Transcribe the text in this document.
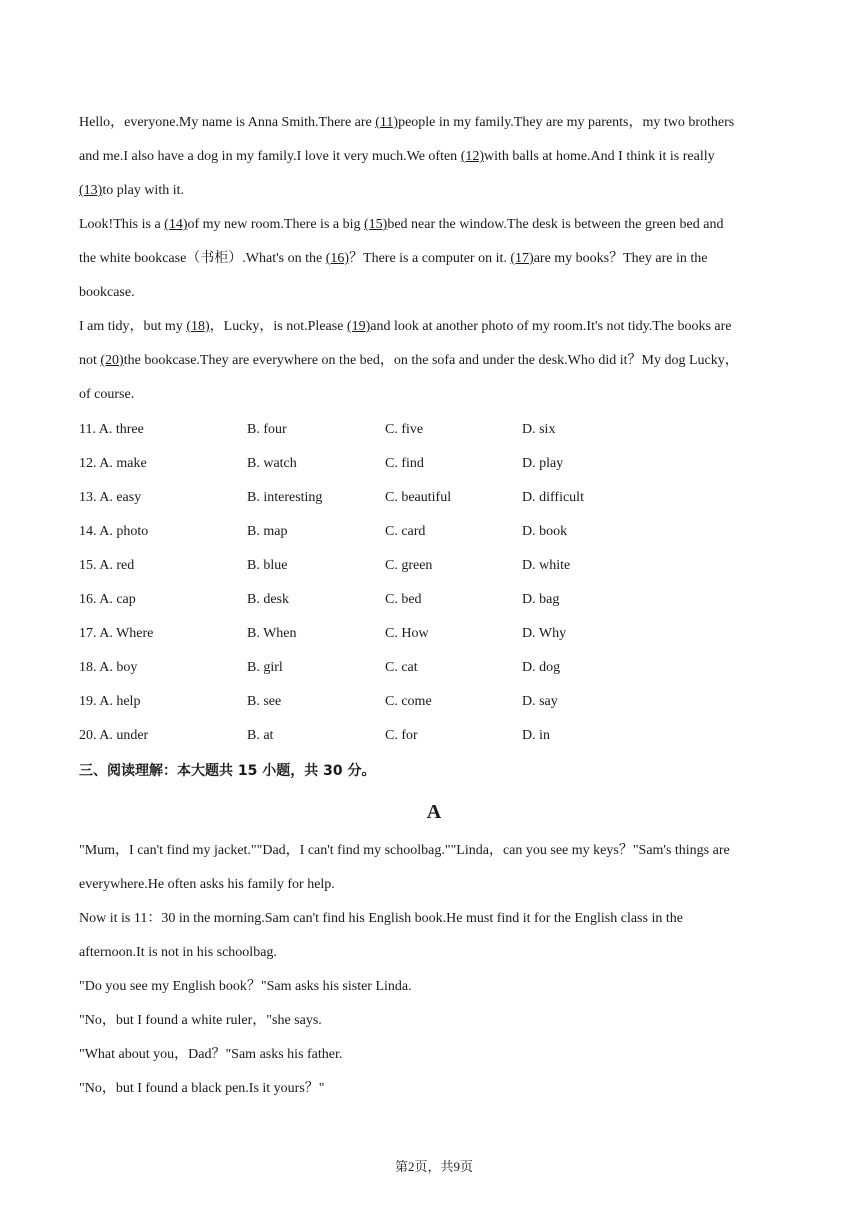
Hello，everyone.My name is Anna Smith.There are (11)people in my family.They are my parents，my two brothers
and me.I also have a dog in my family.I love it very much.We often (12)with balls at home.And I think it is really
(13)to play with it.
Look!This is a (14)of my new room.There is a big (15)bed near the window.The desk is between the green bed and
the white bookcase（书柜）.What's on the (16)？There is a computer on it. (17)are my books？They are in the
bookcase.
I am tidy，but my (18)，Lucky，is not.Please (19)and look at another photo of my room.It's not tidy.The books are
not (20)the bookcase.They are everywhere on the bed，on the sofa and under the desk.Who did it？My dog Lucky，
of course.
11. A. three	B. four	C. five	D. six
12. A. make	B. watch	C. find	D. play
13. A. easy	B. interesting	C. beautiful	D. difficult
14. A. photo	B. map	C. card	D. book
15. A. red	B. blue	C. green	D. white
16. A. cap	B. desk	C. bed	D. bag
17. A. Where	B. When	C. How	D. Why
18. A. boy	B. girl	C. cat	D. dog
19. A. help	B. see	C. come	D. say
20. A. under	B. at	C. for	D. in
三、阅读理解：本大题共 15 小题，共 30 分。
A
"Mum，I can't find my jacket.""Dad，I can't find my schoolbag.""Linda，can you see my keys？"Sam's things are
everywhere.He often asks his family for help.
Now it is 11：30 in the morning.Sam can't find his English book.He must find it for the English class in the
afternoon.It is not in his schoolbag.
"Do you see my English book？"Sam asks his sister Linda.
"No，but I found a white ruler，"she says.
"What about you，Dad？"Sam asks his father.
"No，but I found a black pen.Is it yours？"
第2页，共9页
